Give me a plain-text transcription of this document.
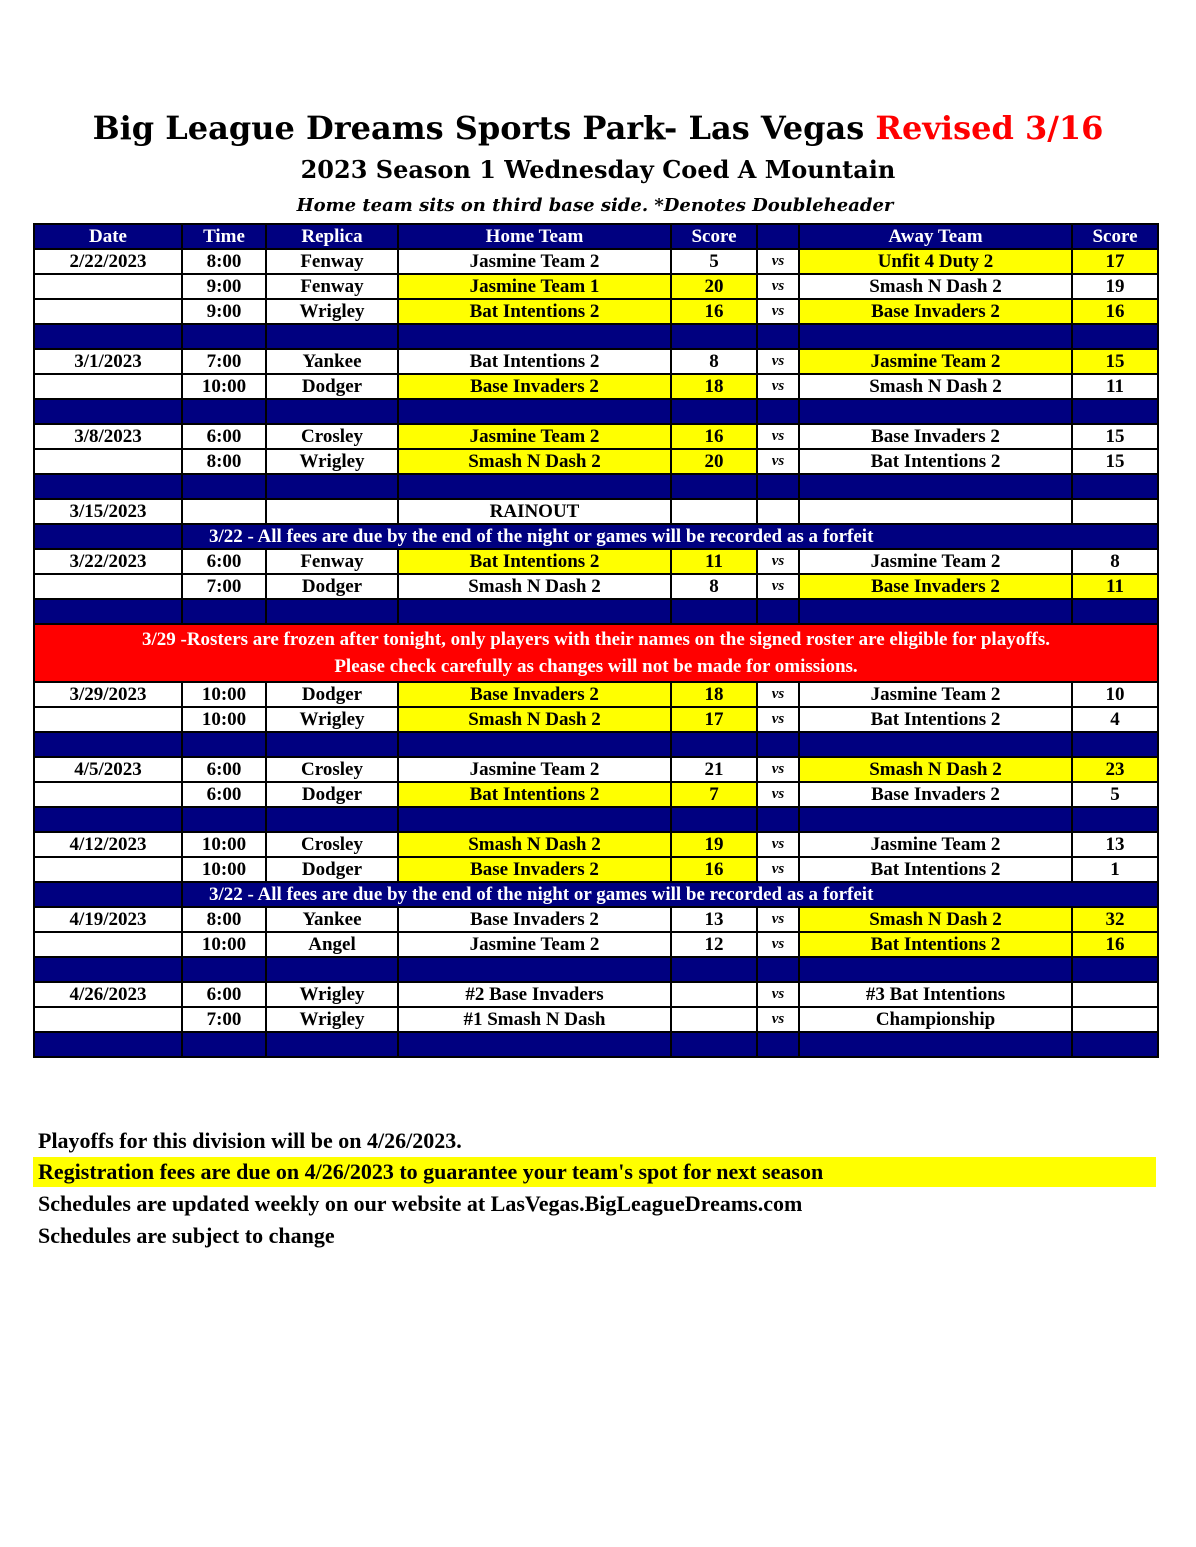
Big League Dreams Sports Park- Las Vegas Revised 3/16
2023 Season 1 Wednesday Coed A Mountain
Home team sits on third base side. *Denotes Doubleheader
Date	Time	Replica	Home Team	Score		Away Team	Score
2/22/2023	8:00	Fenway	Jasmine Team 2	5	vs	Unfit 4 Duty 2	17
	9:00	Fenway	Jasmine Team 1	20	vs	Smash N Dash 2	19
	9:00	Wrigley	Bat Intentions 2	16	vs	Base Invaders 2	16

3/1/2023	7:00	Yankee	Bat Intentions 2	8	vs	Jasmine Team 2	15
	10:00	Dodger	Base Invaders 2	18	vs	Smash N Dash 2	11

3/8/2023	6:00	Crosley	Jasmine Team 2	16	vs	Base Invaders 2	15
	8:00	Wrigley	Smash N Dash 2	20	vs	Bat Intentions 2	15

3/15/2023			RAINOUT				
	3/22 - All fees are due by the end of the night or games will be recorded as a forfeit						
3/22/2023	6:00	Fenway	Bat Intentions 2	11	vs	Jasmine Team 2	8
	7:00	Dodger	Smash N Dash 2	8	vs	Base Invaders 2	11

3/29 -Rosters are frozen after tonight, only players with their names on the signed roster are eligible for playoffs.
Please check carefully as changes will not be made for omissions.							

3/29/2023	10:00	Dodger	Base Invaders 2	18	vs	Jasmine Team 2	10
	10:00	Wrigley	Smash N Dash 2	17	vs	Bat Intentions 2	4

4/5/2023	6:00	Crosley	Jasmine Team 2	21	vs	Smash N Dash 2	23
	6:00	Dodger	Bat Intentions 2	7	vs	Base Invaders 2	5

4/12/2023	10:00	Crosley	Smash N Dash 2	19	vs	Jasmine Team 2	13
	10:00	Dodger	Base Invaders 2	16	vs	Bat Intentions 2	1
	3/22 - All fees are due by the end of the night or games will be recorded as a forfeit						
4/19/2023	8:00	Yankee	Base Invaders 2	13	vs	Smash N Dash 2	32
	10:00	Angel	Jasmine Team 2	12	vs	Bat Intentions 2	16

4/26/2023	6:00	Wrigley	#2 Base Invaders		vs	#3 Bat Intentions	
	7:00	Wrigley	#1 Smash N Dash		vs	Championship	

Playoffs for this division will be on 4/26/2023.
Registration fees are due on 4/26/2023 to guarantee your team's spot for next season
Schedules are updated weekly on our website at LasVegas.BigLeagueDreams.com
Schedules are subject to change
